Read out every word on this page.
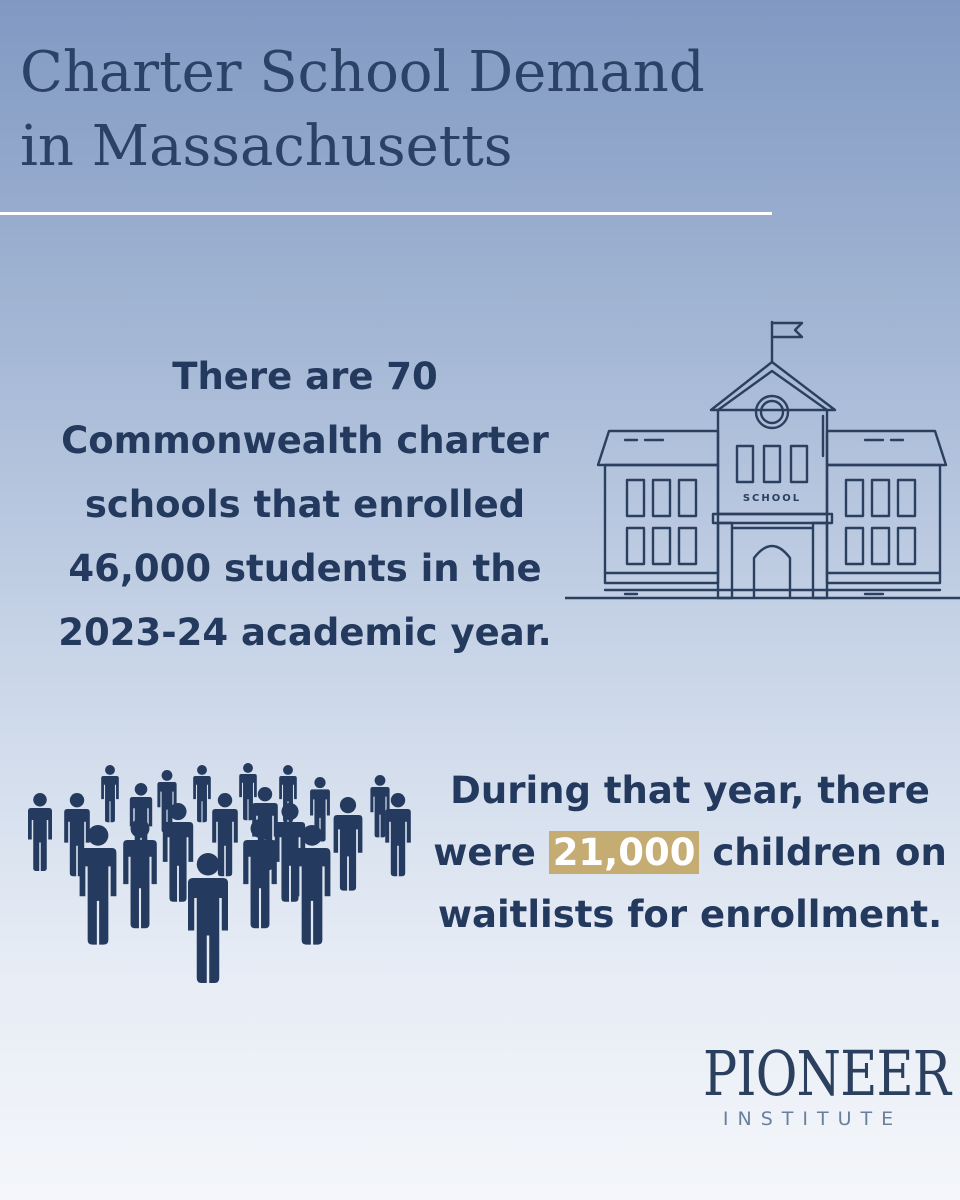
Charter School Demand
in Massachusetts
There are 70
Commonwealth charter
schools that enrolled
46,000 students in the
2023-24 academic year.
SCHOOL
During that year, there
were 21,000 children on
waitlists for enrollment.
PIONEER
INSTITUTE
